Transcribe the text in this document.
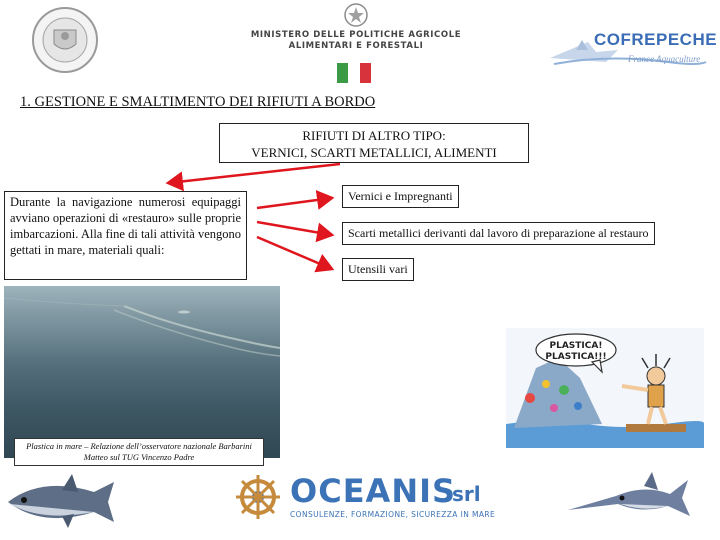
MINISTERO DELLE POLITICHE AGRICOLE
ALIMENTARI E FORESTALI	COFREPECHE
France Aquaculture
1. GESTIONE E SMALTIMENTO DEI RIFIUTI A BORDO
RIFIUTI DI ALTRO TIPO:
VERNICI, SCARTI METALLICI, ALIMENTI
Durante la navigazione numerosi equipaggi avviano operazioni di «restauro» sulle proprie imbarcazioni. Alla fine di tali attività vengono gettati in mare, materiali quali:
Vernici e Impregnanti
Scarti metallici derivanti dal lavoro di preparazione al restauro
Utensili vari
Plastica in mare – Relazione dell’osservatore nazionale Barbarini Matteo sul TUG Vincenzo Padre
PLASTICA!
PLASTICA!!!
OCEANIS
srl
CONSULENZE, FORMAZIONE, SICUREZZA IN MARE
